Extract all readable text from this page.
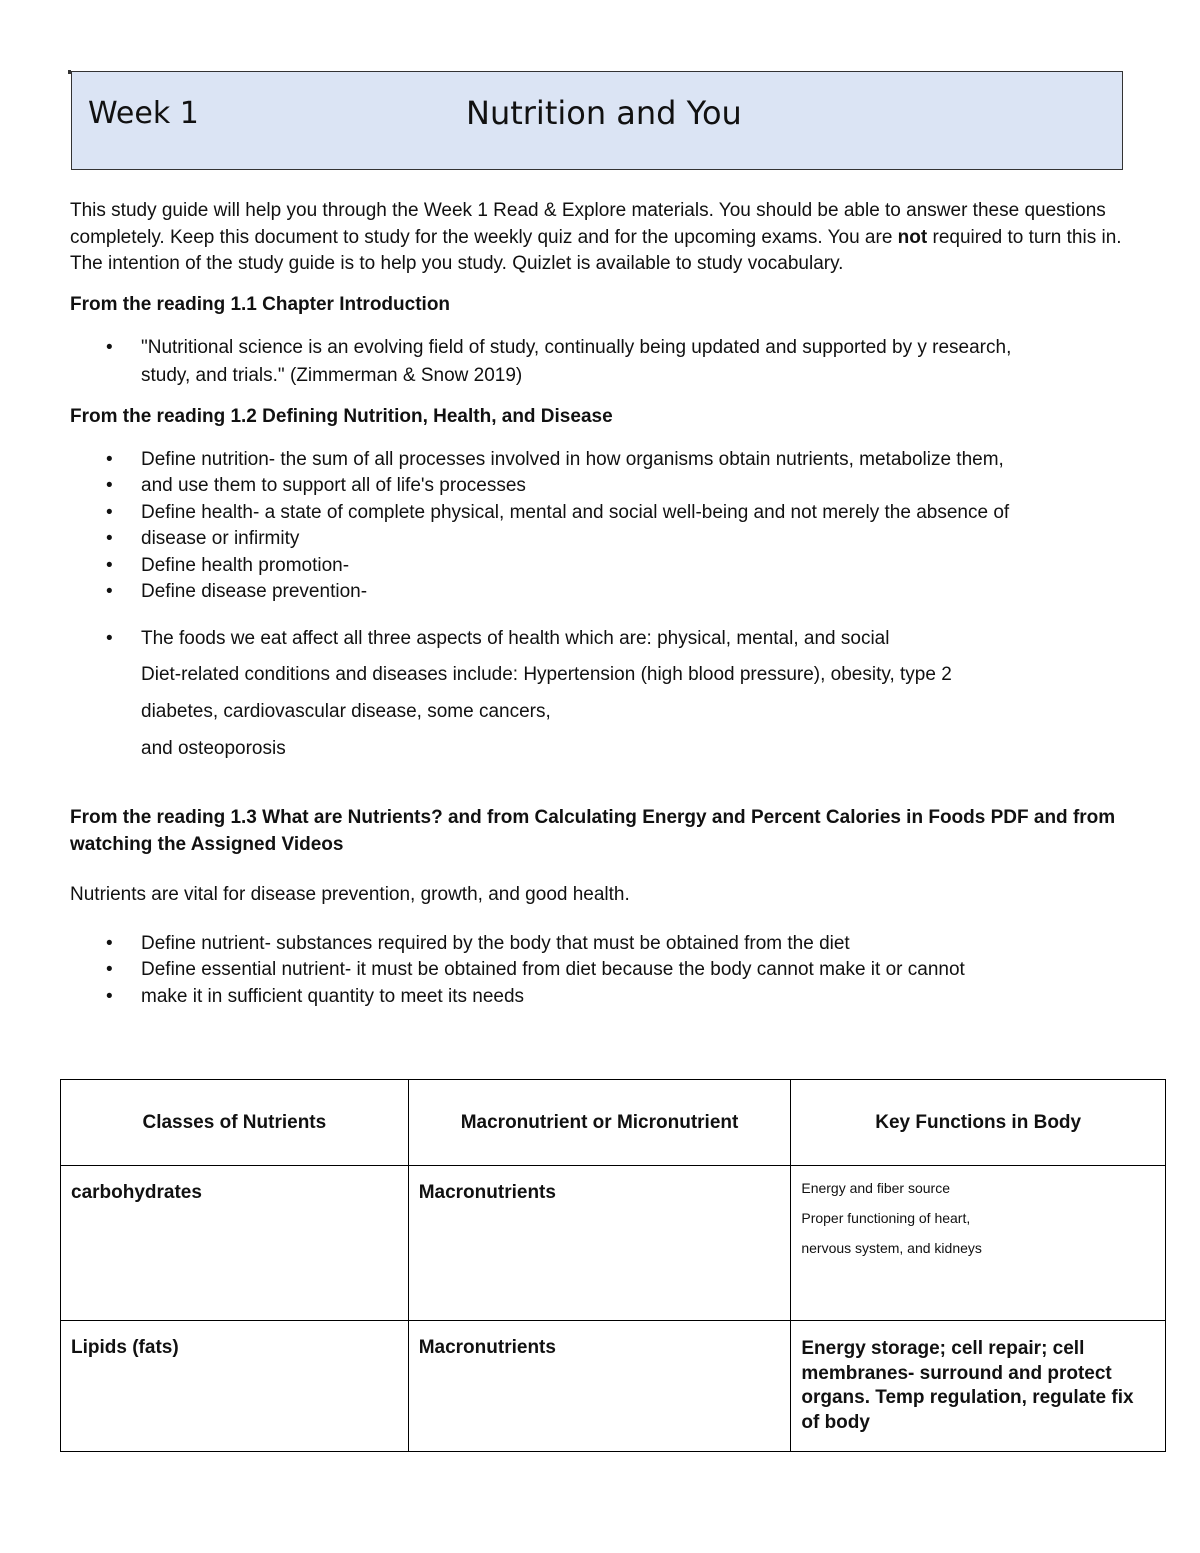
Week 1	Nutrition and You

This study guide will help you through the Week 1 Read & Explore materials. You should be able to answer these questions completely. Keep this document to study for the weekly quiz and for the upcoming exams. You are not required to turn this in. The intention of the study guide is to help you study. Quizlet is available to study vocabulary.

From the reading 1.1 Chapter Introduction

• "Nutritional science is an evolving field of study, continually being updated and supported by y research, study, and trials." (Zimmerman & Snow 2019)

From the reading 1.2 Defining Nutrition, Health, and Disease

• Define nutrition- the sum of all processes involved in how organisms obtain nutrients, metabolize them,
• and use them to support all of life's processes
• Define health- a state of complete physical, mental and social well-being and not merely the absence of
• disease or infirmity
• Define health promotion-
• Define disease prevention-
• The foods we eat affect all three aspects of health which are: physical, mental, and social
Diet-related conditions and diseases include: Hypertension (high blood pressure), obesity, type 2
diabetes, cardiovascular disease, some cancers,
and osteoporosis

From the reading 1.3 What are Nutrients? and from Calculating Energy and Percent Calories in Foods PDF and from watching the Assigned Videos

Nutrients are vital for disease prevention, growth, and good health.

• Define nutrient- substances required by the body that must be obtained from the diet
• Define essential nutrient- it must be obtained from diet because the body cannot make it or cannot
• make it in sufficient quantity to meet its needs
Classes of Nutrients	Macronutrient or Micronutrient	Key Functions in Body
carbohydrates	Macronutrients	Energy and fiber source
Proper functioning of heart,
nervous system, and kidneys

Lipids (fats)	Macronutrients	Energy storage; cell repair; cell membranes- surround and protect organs. Temp regulation, regulate fix of body
